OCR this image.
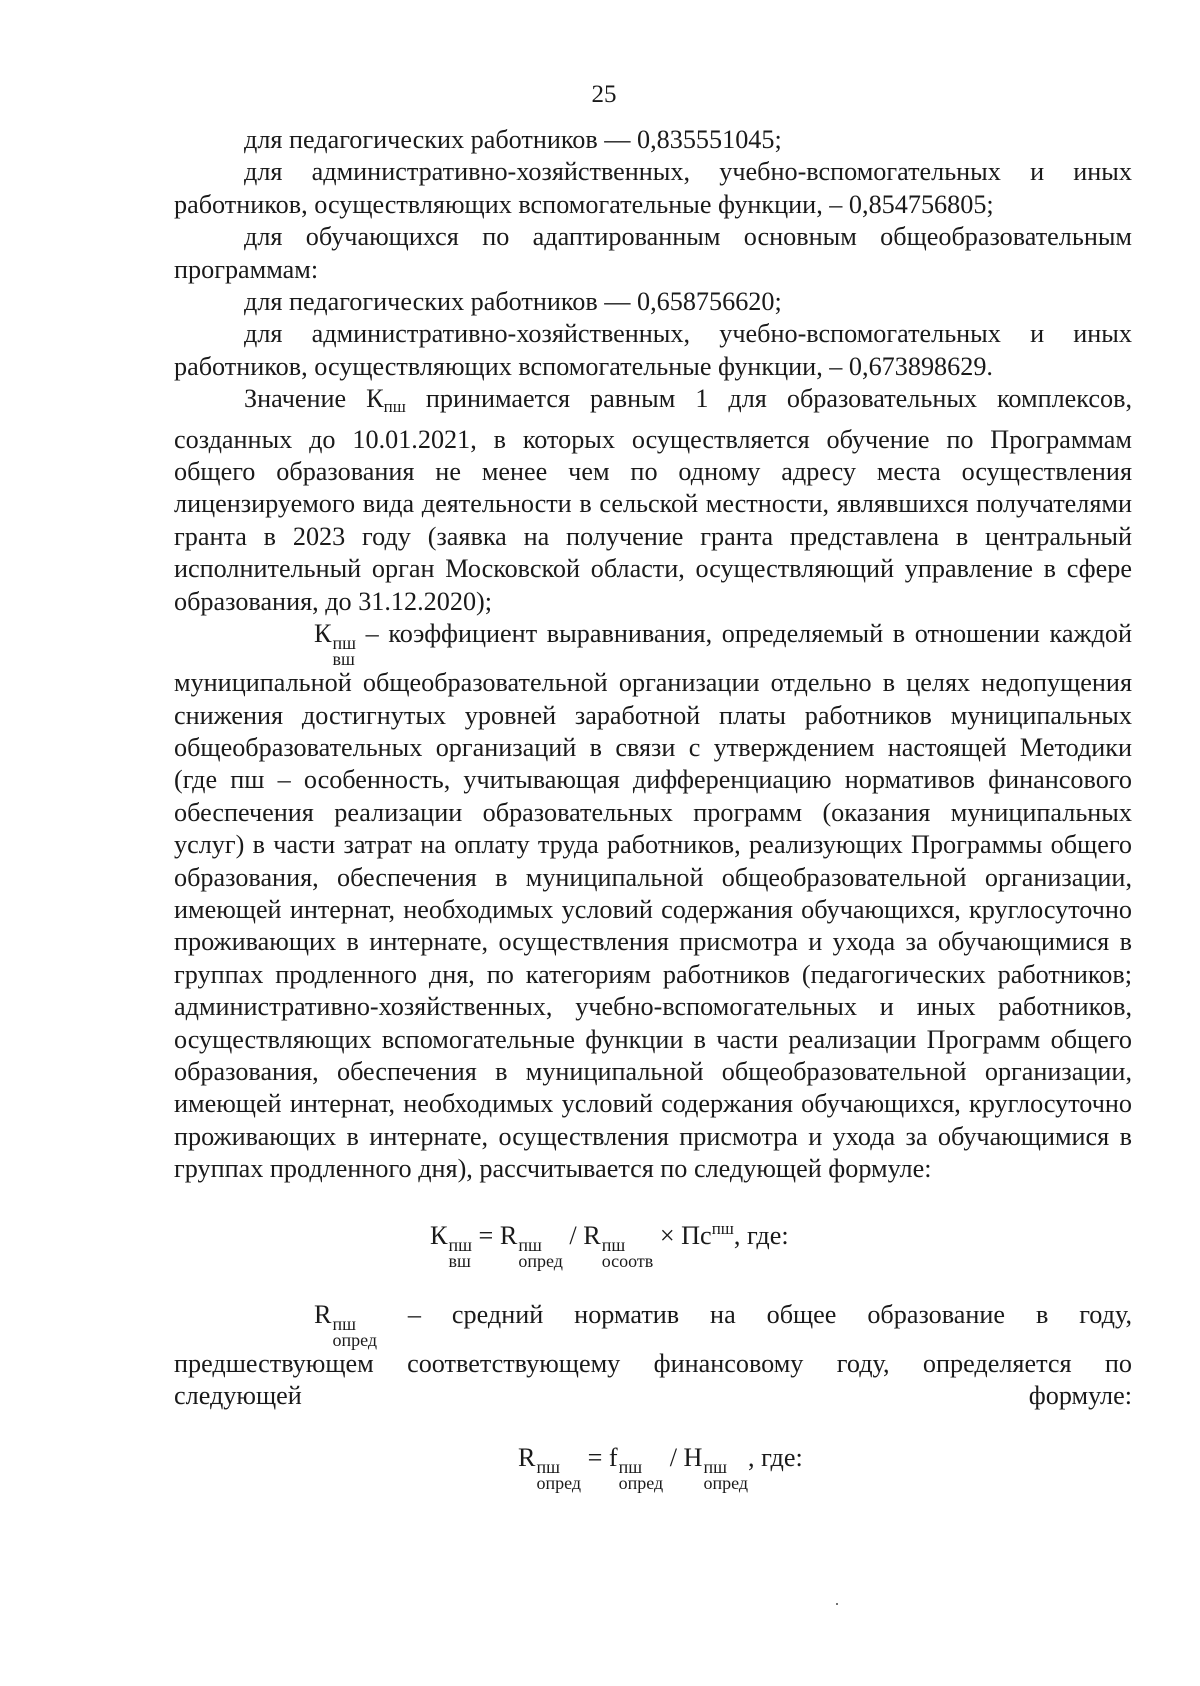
25

для педагогических работников — 0,835551045;

для административно-хозяйственных, учебно-вспомогательных и иных работников, осуществляющих вспомогательные функции, – 0,854756805;

для обучающихся по адаптированным основным общеобразовательным программам:

для педагогических работников — 0,658756620;

для административно-хозяйственных, учебно-вспомогательных и иных работников, осуществляющих вспомогательные функции, – 0,673898629.

Значение $К_{пш}$ принимается равным 1 для образовательных комплексов, созданных до 10.01.2021, в которых осуществляется обучение по Программам общего образования не менее чем по одному адресу места осуществления лицензируемого вида деятельности в сельской местности, являвшихся получателями гранта в 2023 году (заявка на получение гранта представлена в центральный исполнительный орган Московской области, осуществляющий управление в сфере образования, до 31.12.2020);

К пш
вш
– коэффициент выравнивания, определяемый в отношении каждой муниципальной общеобразовательной организации отдельно в целях недопущения снижения достигнутых уровней заработной платы работников муниципальных общеобразовательных организаций в связи с утверждением настоящей Методики (где пш – особенность, учитывающая дифференциацию нормативов финансового обеспечения реализации образовательных программ (оказания муниципальных услуг) в части затрат на оплату труда работников, реализующих Программы общего образования, обеспечения в муниципальной общеобразовательной организации, имеющей интернат, необходимых условий содержания обучающихся, круглосуточно проживающих в интернате, осуществления присмотра и ухода за обучающимися в группах продленного дня, по категориям работников (педагогических работников; административно-хозяйственных, учебно-вспомогательных и иных работников, осуществляющих вспомогательные функции в части реализации Программ общего образования, обеспечения в муниципальной общеобразовательной организации, имеющей интернат, необходимых условий содержания обучающихся, круглосуточно проживающих в интернате, осуществления присмотра и ухода за обучающимися в группах продленного дня), рассчитывается по следующей формуле:

К пш
вш
= R пш
опред
/ R пш
осоотв
× $Пс^{пш}$, где:

R пш
опред
– средний норматив на общее образование в году, предшествующем соответствующему финансовому году, определяется по следующей формуле:

R пш
опред
= f пш
опред
/ Н пш
опред
, где:
